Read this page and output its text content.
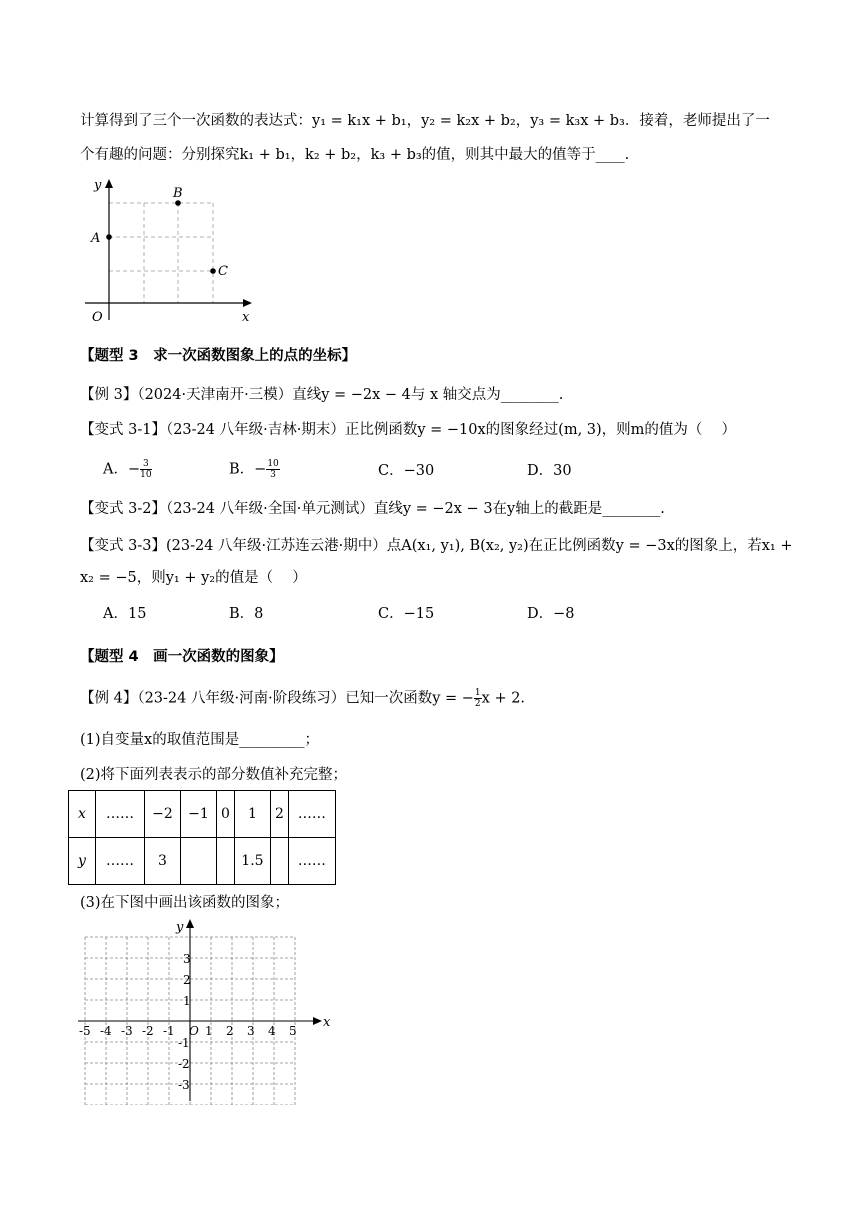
计算得到了三个一次函数的表达式：y₁ = k₁x + b₁，y₂ = k₂x + b₂，y₃ = k₃x + b₃．接着，老师提出了一
个有趣的问题：分别探究k₁ + b₁，k₂ + b₂，k₃ + b₃的值，则其中最大的值等于____.
y
x
O
A
B
C
【题型 3　求一次函数图象上的点的坐标】
【例 3】（2024·天津南开·三模）直线y = −2x − 4与 x 轴交点为________.
【变式 3-1】（23-24 八年级·吉林·期末）正比例函数y = −10x的图象经过(m, 3)，则m的值为（　 ）
A．− $\frac{3}{10}$	B．− $\frac{10}{3}$	C．−30	D．30
【变式 3-2】（23-24 八年级·全国·单元测试）直线y = −2x − 3在y轴上的截距是________.
【变式 3-3】(23-24 八年级·江苏连云港·期中）点A(x₁, y₁), B(x₂, y₂)在正比例函数y = −3x的图象上，若x₁ +
x₂ = −5，则y₁ + y₂的值是（　 ）
A．15	B．8	C．−15	D．−8
【题型 4　画一次函数的图象】
【例 4】（23-24 八年级·河南·阶段练习）已知一次函数y = − $\frac{1}{2}$ x + 2.
(1)自变量x的取值范围是_________；
(2)将下面列表表示的部分数值补充完整；
x	……	−2	−1	0	1	2	……
y	……	3			1.5		……
(3)在下图中画出该函数的图象；
-5 -4 -3 -2 -1	1 2 3 4 5
3
2
1
-1
-2
-3
O
x
y
